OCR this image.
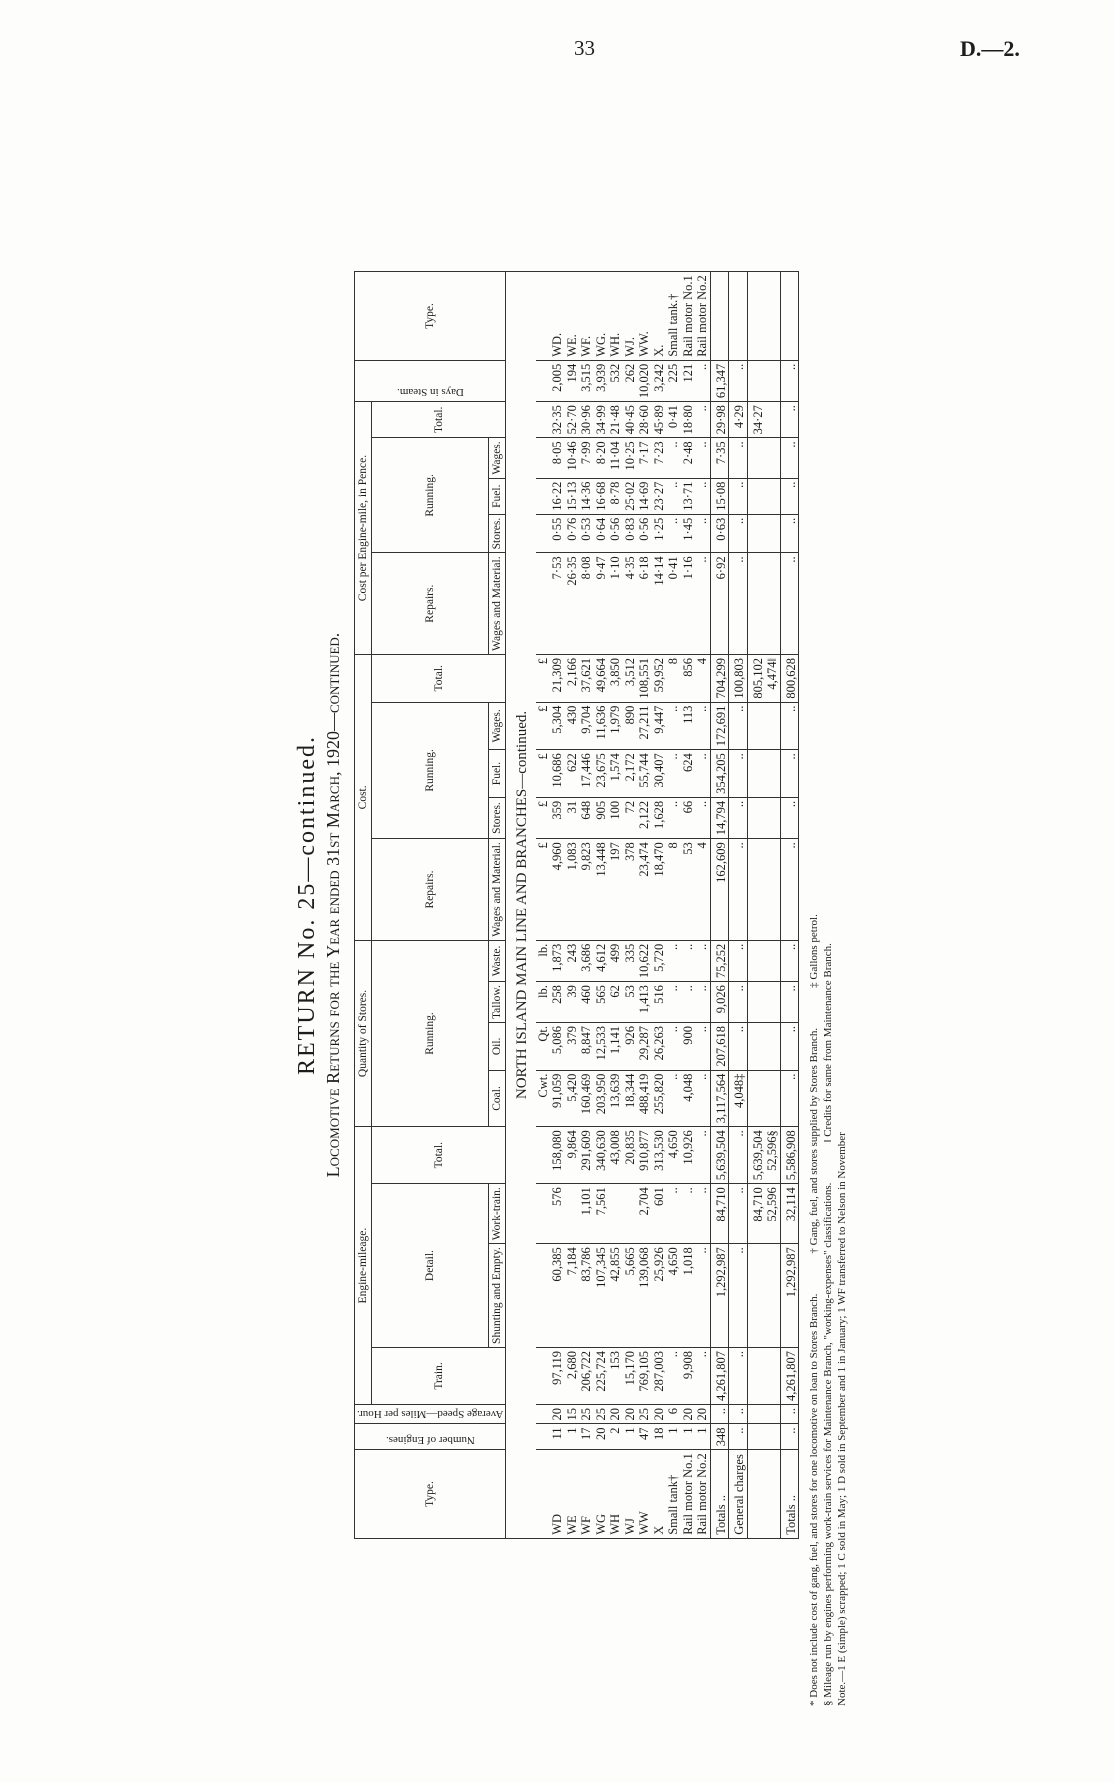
33	D.—2.
RETURN No. 25—continued. Locomotive Returns for the Year ended 31st March, 1920—continued.
Type.	Number of Engines.	Average Speed—Miles per Hour.	Engine-mileage.				Quantity of Stores.				Cost.					Cost per Engine-mile, in Pence.					Days in Steam.	Type.
			Train.	Detail.		Total.	Running.				Repairs.	Running.			Total.	Repairs.	Running.			Total.		
				Shunting and Empty.	Work-train.		Coal.	Oil.	Tallow.	Waste.	Wages and Material.	Stores.	Fuel.	Wages.		Wages and Material.	Stores.	Fuel.	Wages.			

NORTH ISLAND MAIN LINE AND BRANCHES—continued.																						

							Cwt.	Qt.	lb.	lb.	£	£	£	£	£							
WD	11	20	97,119	60,385	576	158,080	91,059	5,086	258	1,873	4,960	359	10,686	5,304	21,309	7·53	0·55	16·22	8·05	32·35	2,005	WD.
WE	1	15	2,680	7,184		9,864	5,420	379	39	243	1,083	31	622	430	2,166	26·35	0·76	15·13	10·46	52·70	194	WE.
WF	17	25	206,722	83,786	1,101	291,609	160,469	8,847	460	3,686	9,823	648	17,446	9,704	37,621	8·08	0·53	14·36	7·99	30·96	3,515	WF.
WG	20	25	225,724	107,345	7,561	340,630	203,950	12,533	565	4,612	13,448	905	23,675	11,636	49,664	9·47	0·64	16·68	8·20	34·99	3,939	WG.
WH	2	20	153	42,855		43,008	13,639	1,141	62	499	197	100	1,574	1,979	3,850	1·10	0·56	8·78	11·04	21·48	532	WH.
WJ	1	20	15,170	5,665		20,835	18,344	926	53	335	378	72	2,172	890	3,512	4·35	0·83	25·02	10·25	40·45	262	WJ.
WW	47	25	769,105	139,068	2,704	910,877	488,419	29,287	1,413	10,622	23,474	2,122	55,744	27,211	108,551	6·18	0·56	14·69	7·17	28·60	10,020	WW.
X	18	20	287,003	25,926	601	313,530	255,820	26,263	516	5,720	18,470	1,628	30,407	9,447	59,952	14·14	1·25	23·27	7·23	45·89	3,242	X.
Small tank†	1	6	..	4,650	..	4,650	..	..	..	..	8	..	..	..	8	0·41	..	..	..	0·41	225	Small tank.†
Rail motor No.1	1	20	9,908	1,018	..	10,926	4,048	900	..	..	53	66	624	113	856	1·16	1·45	13·71	2·48	18·80	121	Rail motor No.1
Rail motor No.2	1	20	..	..	..	..	..	..	..	..	4	..	..	..	4	..	..	..	..	..	..	Rail motor No.2
Totals ..	348	..	4,261,807	1,292,987	84,710	5,639,504	3,117,564	207,618	9,026	75,252	162,609	14,794	354,205	172,691	704,299	6·92	0·63	15·08	7·35	29·98	61,347	
General charges	..	..	..	..	..	..	4,048‡	..	..	..	..	..	..	..	100,803	..	..	..	..	4·29	..	
					84,710	5,639,504									805,102					34·27		
					52,596	52,596§									4,474‖							
Totals ..	..	..	4,261,807	1,292,987	32,114	5,586,908	..	..	..	..	..	..	..	..	800,628	..	..	..	..	..	..	
* Does not include cost of gang, fuel, and stores for one locomotive on loan to Stores Branch.† Gang, fuel, and stores supplied by Stores Branch.‡ Gallons petrol.
§ Mileage run by engines performing work-train services for Maintenance Branch, "working-expenses" classifications.‖ Credits for same from Maintenance Branch.
Note.—1 E (simple) scrapped; 1 C sold in May; 1 D sold in September and 1 in January; 1 WF transferred to Nelson in November
